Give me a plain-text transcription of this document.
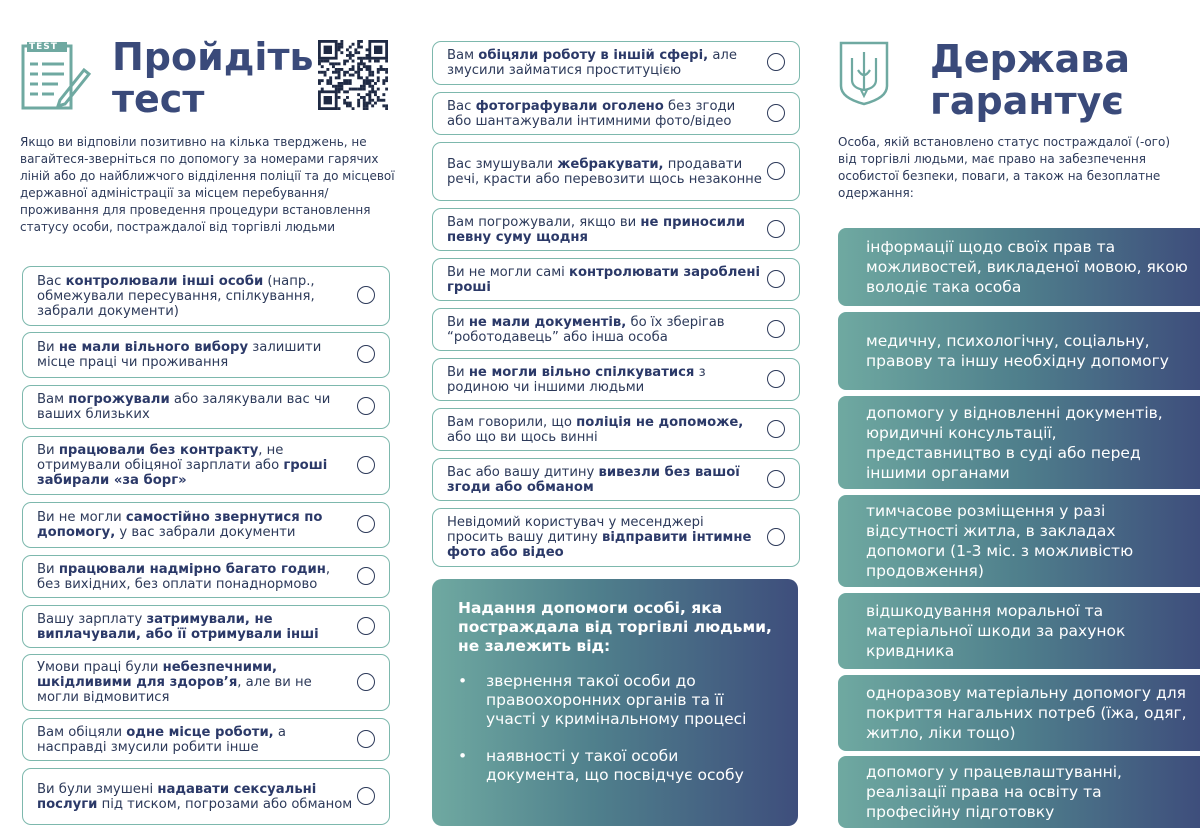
TEST Пройдіть
тест
Якщо ви відповіли позитивно на кілька тверджень, не вагайтеся-зверніться по допомогу за номерами гарячих ліній або до найближчого відділення поліції та до місцевої державної адміністрації за місцем перебування/ проживання для проведення процедури встановлення статусу особи, постраждалої від торгівлі людьми
Вас контролювали інші особи (напр., обмежували пересування, спілкування, забрали документи)
Ви не мали вільного вибору залишити місце праці чи проживання
Вам погрожували або залякували вас чи ваших близьких
Ви працювали без контракту, не отримували обіцяної зарплати або гроші забирали «за борг»
Ви не могли самостійно звернутися по допомогу, у вас забрали документи
Ви працювали надмірно багато годин, без вихідних, без оплати понаднормово
Вашу зарплату затримували, не виплачували, або її отримували інші
Умови праці були небезпечними, шкідливими для здоров’я, але ви не могли відмовитися
Вам обіцяли одне місце роботи, а насправді змусили робити інше
Ви були змушені надавати сексуальні послуги під тиском, погрозами або обманом
Вам обіцяли роботу в іншій сфері, але змусили займатися проституцією
Вас фотографували оголено без згоди або шантажували інтимними фото/відео
Вас змушували жебракувати, продавати речі, красти або перевозити щось незаконне
Вам погрожували, якщо ви не приносили певну суму щодня
Ви не могли самі контролювати зароблені гроші
Ви не мали документів, бо їх зберігав “роботодавець” або інша особа
Ви не могли вільно спілкуватися з родиною чи іншими людьми
Вам говорили, що поліція не допоможе, або що ви щось винні
Вас або вашу дитину вивезли без вашої згоди або обманом
Невідомий користувач у месенджері просить вашу дитину відправити інтимне фото або відео
Надання допомоги особі, яка постраждала від торгівлі людьми, не залежить від:
• звернення такої особи до правоохоронних органів та її участі у кримінальному процесі
• наявності у такої особи документа, що посвідчує особу
Держава
гарантує
Особа, якій встановлено статус постраждалої (-ого) від торгівлі людьми, має право на забезпечення особистої безпеки, поваги, а також на безоплатне одержання:
інформації щодо своїх прав та можливостей, викладеної мовою, якою володіє така особа
медичну, психологічну, соціальну, правову та іншу необхідну допомогу
допомогу у відновленні документів, юридичні консультації, представництво в суді або перед іншими органами
тимчасове розміщення у разі відсутності житла, в закладах допомоги (1-3 міс. з можливістю продовження)
відшкодування моральної та матеріальної шкоди за рахунок кривдника
одноразову матеріальну допомогу для покриття нагальних потреб (їжа, одяг, житло, ліки тощо)
допомогу у працевлаштуванні, реалізації права на освіту та професійну підготовку
